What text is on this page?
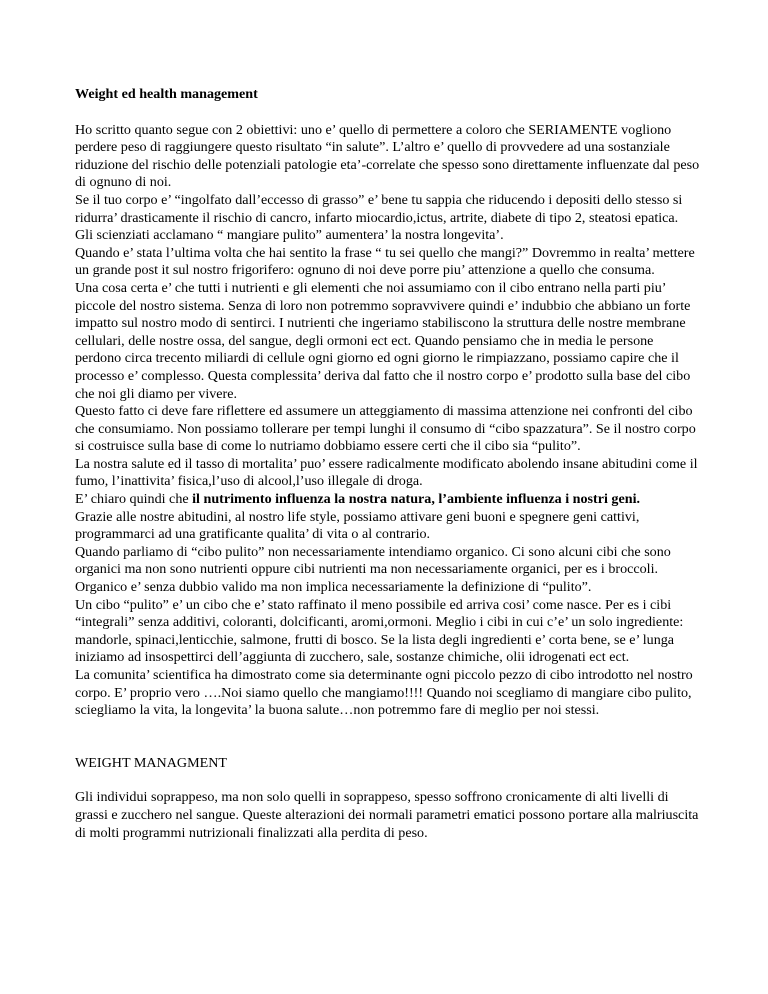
Weight ed health management

Ho scritto quanto segue con 2 obiettivi: uno e’ quello di permettere a coloro che SERIAMENTE vogliono perdere peso di raggiungere questo risultato “in salute”. L’altro e’ quello di provvedere ad una sostanziale riduzione del rischio delle potenziali patologie eta’-correlate che spesso sono direttamente influenzate dal peso di ognuno di noi.

Se il tuo corpo e’ “ingolfato dall’eccesso di grasso” e’ bene tu sappia che riducendo i depositi dello stesso si ridurra’ drasticamente il rischio di cancro, infarto miocardio,ictus, artrite, diabete di tipo 2, steatosi epatica.

Gli scienziati acclamano “ mangiare pulito” aumentera’ la nostra longevita’.

Quando e’ stata l’ultima volta che hai sentito la frase “ tu sei quello che mangi?” Dovremmo in realta’ mettere un grande post it sul nostro frigorifero: ognuno di noi deve porre piu’ attenzione a quello che consuma.

Una cosa certa e’ che tutti i nutrienti e gli elementi che noi assumiamo con il cibo entrano nella parti piu’ piccole del nostro sistema. Senza di loro non potremmo sopravvivere quindi e’ indubbio che abbiano un forte impatto sul nostro modo di sentirci. I nutrienti che ingeriamo stabiliscono la struttura delle nostre membrane cellulari, delle nostre ossa, del sangue, degli ormoni ect ect. Quando pensiamo che in media le persone perdono circa trecento miliardi di cellule ogni giorno ed ogni giorno le rimpiazzano, possiamo capire che il processo e’ complesso. Questa complessita’ deriva dal fatto che il nostro corpo e’ prodotto sulla base del cibo che noi gli diamo per vivere.

Questo fatto ci deve fare riflettere ed assumere un atteggiamento di massima attenzione nei confronti del cibo che consumiamo. Non possiamo tollerare per tempi lunghi il consumo di “cibo spazzatura”. Se il nostro corpo si costruisce sulla base di come lo nutriamo dobbiamo essere certi che il cibo sia “pulito”.

La nostra salute ed il tasso di mortalita’ puo’ essere radicalmente modificato abolendo insane abitudini come il fumo, l’inattivita’ fisica,l’uso di alcool,l’uso illegale di droga.

E’ chiaro quindi che il nutrimento influenza la nostra natura, l’ambiente influenza i nostri geni.

Grazie alle nostre abitudini, al nostro life style, possiamo attivare geni buoni e spegnere geni cattivi, programmarci ad una gratificante qualita’ di vita o al contrario.

Quando parliamo di “cibo pulito” non necessariamente intendiamo organico. Ci sono alcuni cibi che sono organici ma non sono nutrienti oppure cibi nutrienti ma non necessariamente organici, per es i broccoli.

Organico e’ senza dubbio valido ma non implica necessariamente la definizione di “pulito”.

Un cibo “pulito” e’ un cibo che e’ stato raffinato il meno possibile ed arriva cosi’ come nasce. Per es i cibi “integrali” senza additivi, coloranti, dolcificanti, aromi,ormoni. Meglio i cibi in cui c’e’ un solo ingrediente: mandorle, spinaci,lenticchie, salmone, frutti di bosco. Se la lista degli ingredienti e’ corta bene, se e’ lunga iniziamo ad insospettirci dell’aggiunta di zucchero, sale, sostanze chimiche, olii idrogenati ect ect.

La comunita’ scientifica ha dimostrato come sia determinante ogni piccolo pezzo di cibo introdotto nel nostro corpo. E’ proprio vero ….Noi siamo quello che mangiamo!!!! Quando noi scegliamo di mangiare cibo pulito, sciegliamo la vita, la longevita’ la buona salute…non potremmo fare di meglio per noi stessi.

WEIGHT MANAGMENT

Gli individui soprappeso, ma non solo quelli in soprappeso, spesso soffrono cronicamente di alti livelli di grassi e zucchero nel sangue. Queste alterazioni dei normali parametri ematici possono portare alla malriuscita di molti programmi nutrizionali finalizzati alla perdita di peso.
